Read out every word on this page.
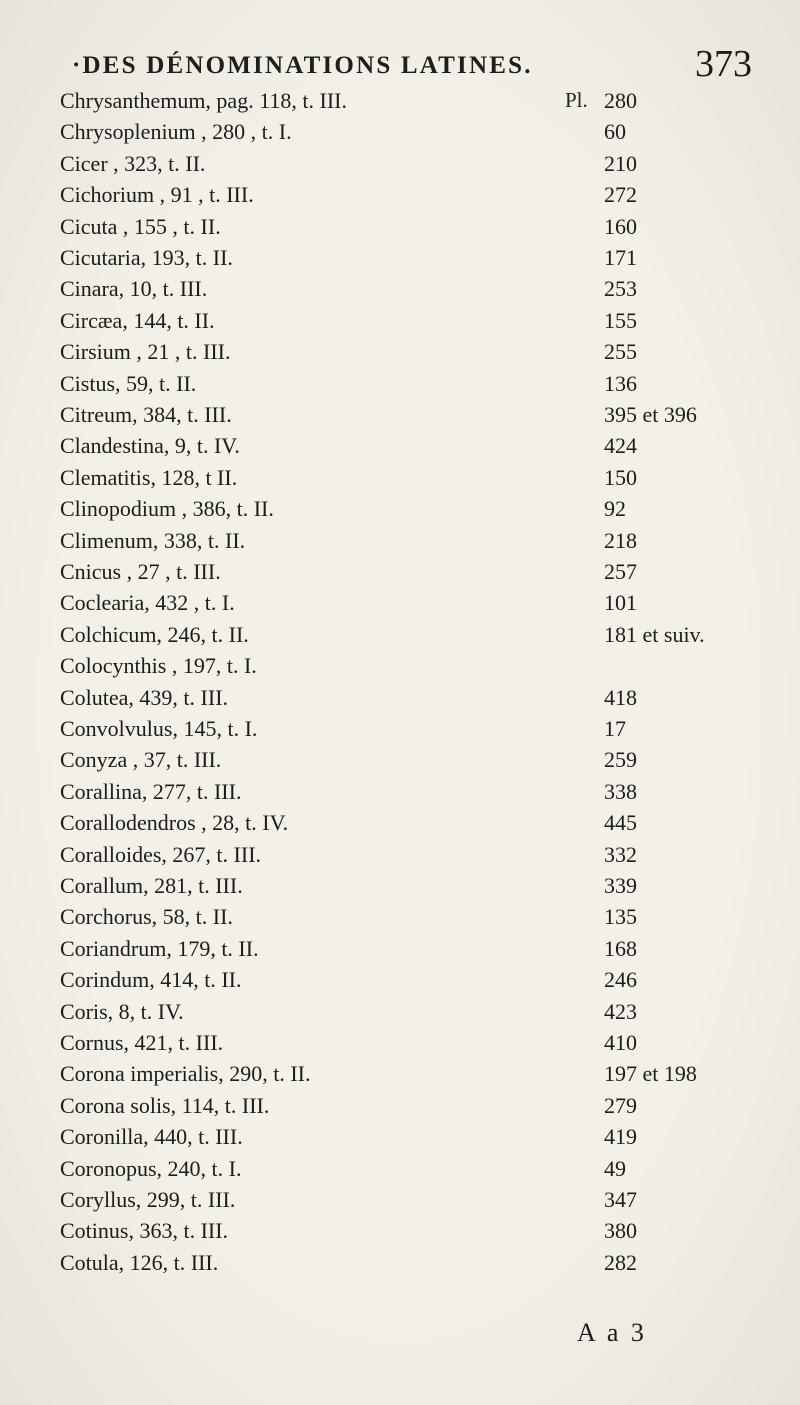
·DES DÉNOMINATIONS LATINES.	373
Pl.
Chrysanthemum, pag. 118, t. III.	280
Chrysoplenium , 280 , t. I.	60
Cicer , 323, t. II.	210
Cichorium , 91 , t. III.	272
Cicuta , 155 , t. II.	160
Cicutaria, 193, t. II.	171
Cinara, 10, t. III.	253
Circæa, 144, t. II.	155
Cirsium , 21 , t. III.	255
Cistus, 59, t. II.	136
Citreum, 384, t. III.	395 et 396
Clandestina, 9, t. IV.	424
Clematitis, 128, t II.	150
Clinopodium , 386, t. II.	92
Climenum, 338, t. II.	218
Cnicus , 27 , t. III.	257
Coclearia, 432 , t. I.	101
Colchicum, 246, t. II.	181 et suiv.
Colocynthis , 197, t. I.
Colutea, 439, t. III.	418
Convolvulus, 145, t. I.	17
Conyza , 37, t. III.	259
Corallina, 277, t. III.	338
Corallodendros , 28, t. IV.	445
Coralloides, 267, t. III.	332
Corallum, 281, t. III.	339
Corchorus, 58, t. II.	135
Coriandrum, 179, t. II.	168
Corindum, 414, t. II.	246
Coris, 8, t. IV.	423
Cornus, 421, t. III.	410
Corona imperialis, 290, t. II.	197 et 198
Corona solis, 114, t. III.	279
Coronilla, 440, t. III.	419
Coronopus, 240, t. I.	49
Coryllus, 299, t. III.	347
Cotinus, 363, t. III.	380
Cotula, 126, t. III.	282
A a 3
